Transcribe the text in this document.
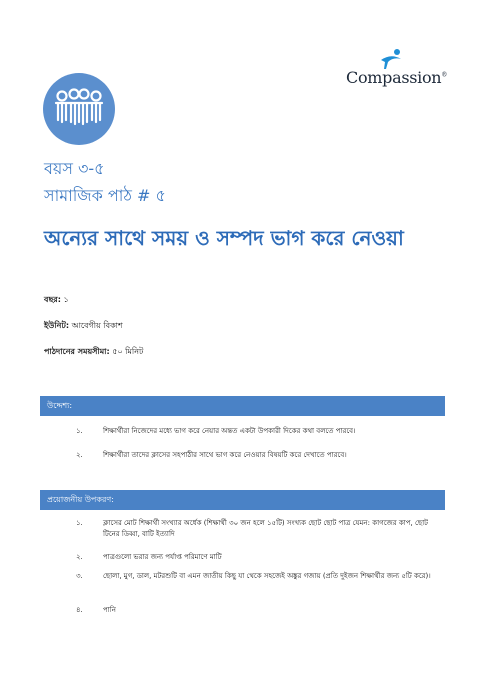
Compassion®
বয়স ৩-৫
সামাজিক পাঠ # ৫
অন্যের সাথে সময় ও সম্পদ ভাগ করে নেওয়া
বছর: ১
ইউনিট: আবেগীয় বিকাশ
পাঠদানের সময়সীমা: ৫০ মিনিট
উদ্দেশ্য:
১.	শিক্ষার্থীরা নিজেদের মধ্যে ভাগ করে নেয়ার অন্তত একটা উপকারী দিকের কথা বলতে পারবে।
২.	শিক্ষার্থীরা তাদের ক্লাসের সহপাঠীর সাথে ভাগ করে নেওয়ার বিষয়টি করে দেখাতে পারবে।
প্রয়োজনীয় উপকরণ:
১.	ক্লাসের মোট শিক্ষার্থী সংখ্যার অর্ধেক (শিক্ষার্থী ৩০ জন হলে ১৫টি) সংখ্যক ছোট ছোট পাত্র যেমন: কাগজের কাপ, ছোট টিনের ডিব্বা, বাটি ইত্যাদি
২.	পাত্রগুলো ভরার জন্য পর্যাপ্ত পরিমাণে মাটি
৩.	ছোলা, মুগ, ডাল, মটরশুটি বা এমন জাতীয় কিছু যা থেকে সহজেই অঙ্কুর গজায় (প্রতি দুইজন শিক্ষার্থীর জন্য ৫টি করে)।
৪.	পানি
